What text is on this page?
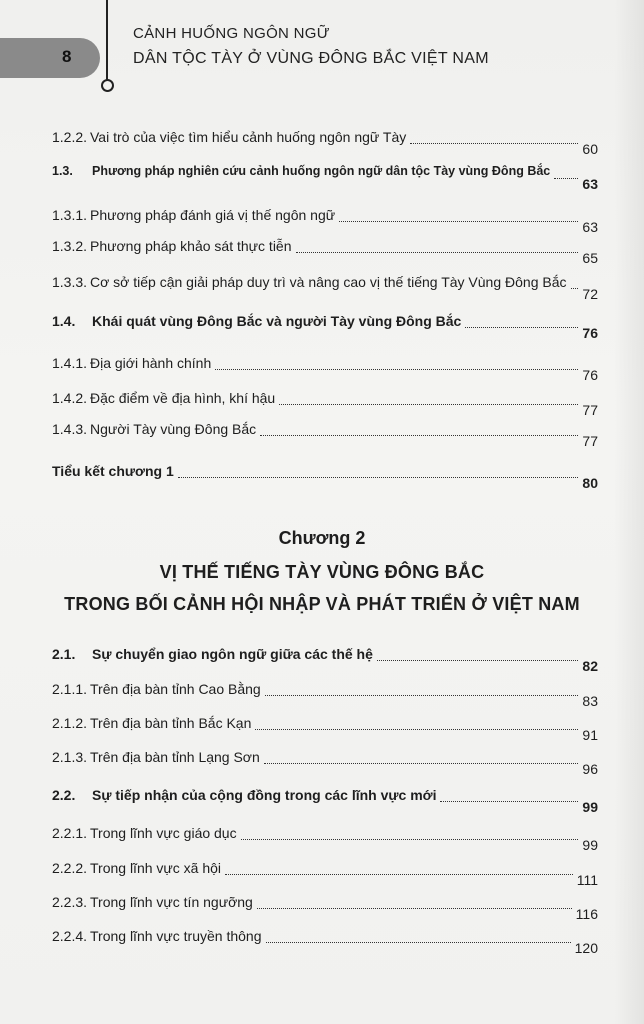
8
CẢNH HUỐNG NGÔN NGỮ
DÂN TỘC TÀY Ở VÙNG ĐÔNG BẮC VIỆT NAM
1.2.2. Vai trò của việc tìm hiểu cảnh huống ngôn ngữ Tày
60
1.3. Phương pháp nghiên cứu cảnh huống ngôn ngữ dân tộc Tày vùng Đông Bắc
63
1.3.1. Phương pháp đánh giá vị thế ngôn ngữ
63
1.3.2. Phương pháp khảo sát thực tiễn
65
1.3.3. Cơ sở tiếp cận giải pháp duy trì và nâng cao vị thế tiếng Tày Vùng Đông Bắc
72
1.4. Khái quát vùng Đông Bắc và người Tày vùng Đông Bắc
76
1.4.1. Địa giới hành chính
76
1.4.2. Đặc điểm về địa hình, khí hậu
77
1.4.3. Người Tày vùng Đông Bắc
77
Tiểu kết chương 1
80
Chương 2
VỊ THẾ TIẾNG TÀY VÙNG ĐÔNG BẮC
TRONG BỐI CẢNH HỘI NHẬP VÀ PHÁT TRIỂN Ở VIỆT NAM
2.1. Sự chuyển giao ngôn ngữ giữa các thế hệ
82
2.1.1. Trên địa bàn tỉnh Cao Bằng
83
2.1.2. Trên địa bàn tỉnh Bắc Kạn
91
2.1.3. Trên địa bàn tỉnh Lạng Sơn
96
2.2. Sự tiếp nhận của cộng đồng trong các lĩnh vực mới
99
2.2.1. Trong lĩnh vực giáo dục
99
2.2.2. Trong lĩnh vực xã hội
111
2.2.3. Trong lĩnh vực tín ngưỡng
116
2.2.4. Trong lĩnh vực truyền thông
120
